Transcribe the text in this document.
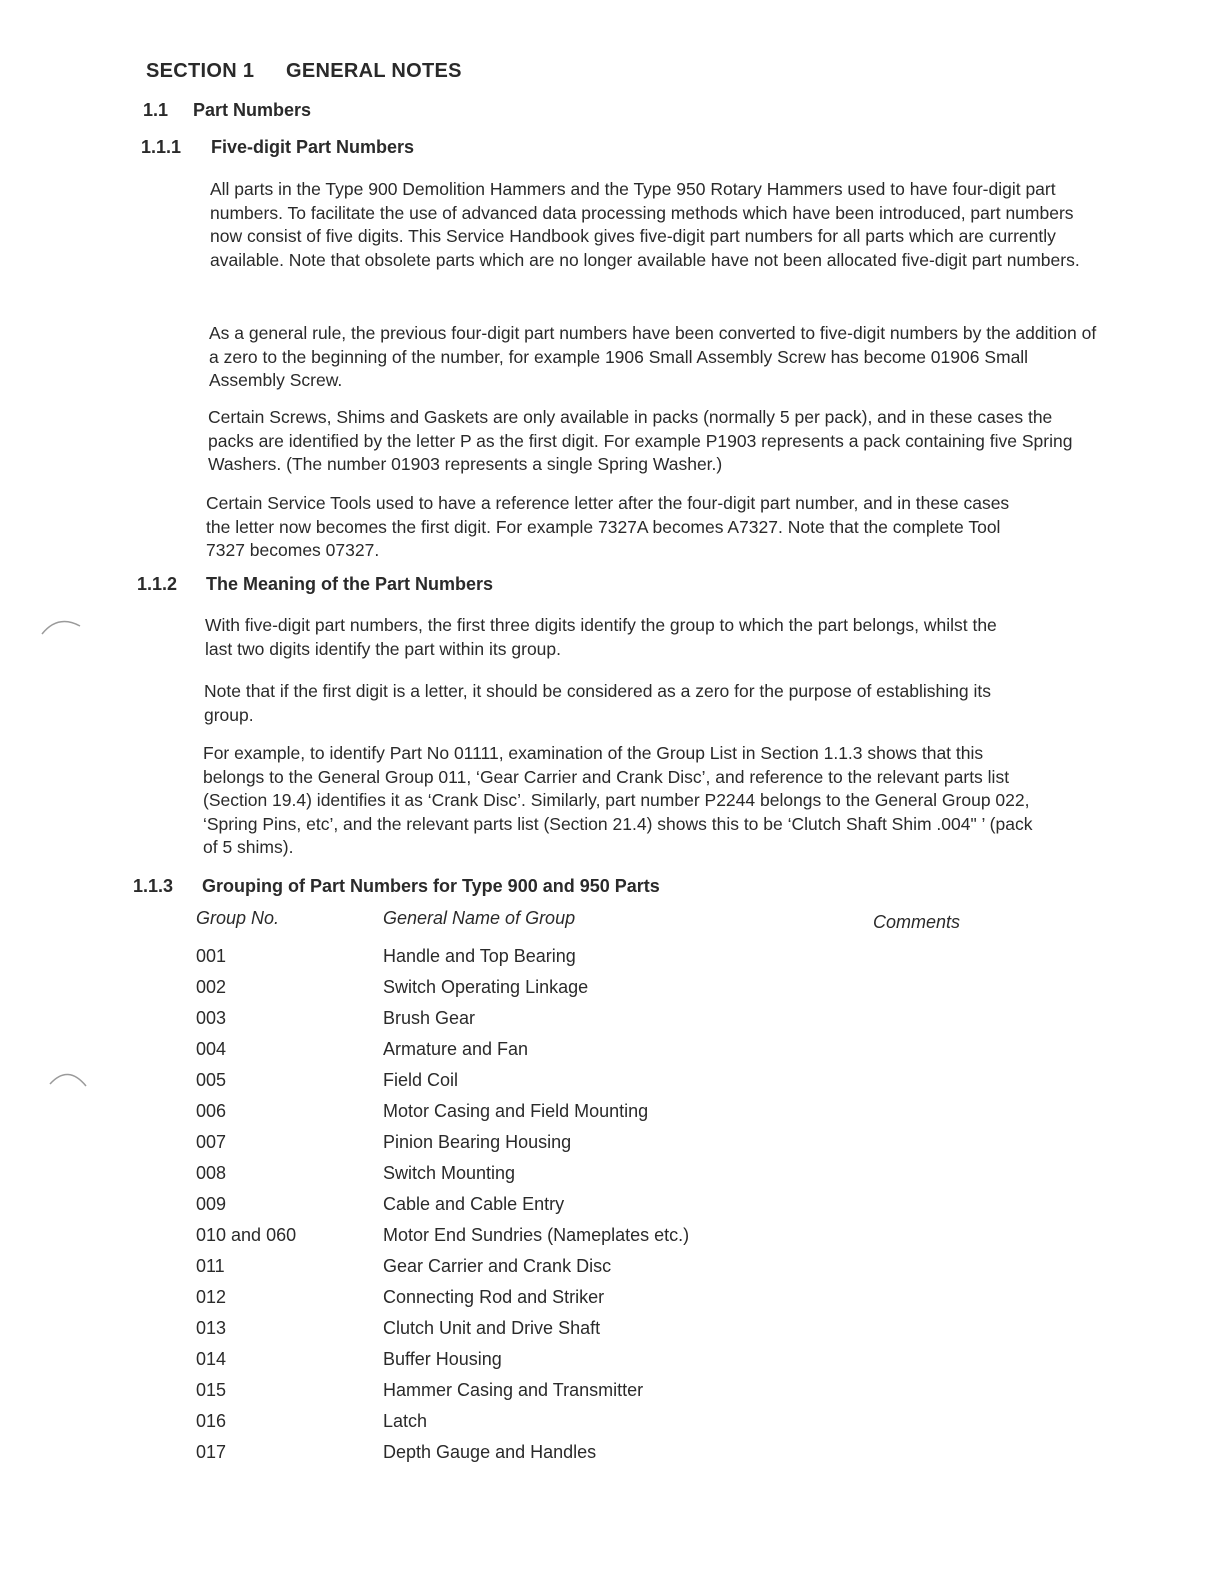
SECTION 1 GENERAL NOTES
1.1 Part Numbers
1.1.1 Five-digit Part Numbers
All parts in the Type 900 Demolition Hammers and the Type 950 Rotary Hammers used to have four-digit part numbers. To facilitate the use of advanced data processing methods which have been introduced, part numbers now consist of five digits. This Service Handbook gives five-digit part numbers for all parts which are currently available. Note that obsolete parts which are no longer available have not been allocated five-digit part numbers.
As a general rule, the previous four-digit part numbers have been converted to five-digit numbers by the addition of a zero to the beginning of the number, for example 1906 Small Assembly Screw has become 01906 Small Assembly Screw.
Certain Screws, Shims and Gaskets are only available in packs (normally 5 per pack), and in these cases the packs are identified by the letter P as the first digit. For example P1903 represents a pack containing five Spring Washers. (The number 01903 represents a single Spring Washer.)
Certain Service Tools used to have a reference letter after the four-digit part number, and in these cases the letter now becomes the first digit. For example 7327A becomes A7327. Note that the complete Tool 7327 becomes 07327.
1.1.2 The Meaning of the Part Numbers
With five-digit part numbers, the first three digits identify the group to which the part belongs, whilst the last two digits identify the part within its group.
Note that if the first digit is a letter, it should be considered as a zero for the purpose of establishing its group.
For example, to identify Part No 01111, examination of the Group List in Section 1.1.3 shows that this belongs to the General Group 011, ‘Gear Carrier and Crank Disc’, and reference to the relevant parts list (Section 19.4) identifies it as ‘Crank Disc’. Similarly, part number P2244 belongs to the General Group 022, ‘Spring Pins, etc’, and the relevant parts list (Section 21.4) shows this to be ‘Clutch Shaft Shim .004" ’ (pack of 5 shims).
1.1.3 Grouping of Part Numbers for Type 900 and 950 Parts
Group No.	General Name of Group	Comments
001	Handle and Top Bearing
002	Switch Operating Linkage
003	Brush Gear
004	Armature and Fan
005	Field Coil
006	Motor Casing and Field Mounting
007	Pinion Bearing Housing
008	Switch Mounting
009	Cable and Cable Entry
010 and 060	Motor End Sundries (Nameplates etc.)
011	Gear Carrier and Crank Disc
012	Connecting Rod and Striker
013	Clutch Unit and Drive Shaft
014	Buffer Housing
015	Hammer Casing and Transmitter
016	Latch
017	Depth Gauge and Handles
